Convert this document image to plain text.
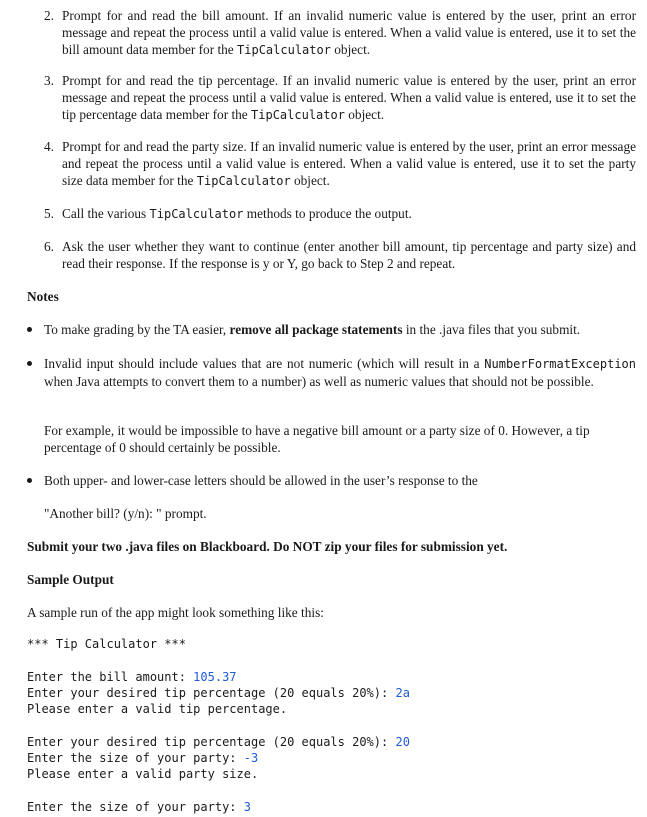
2. Prompt for and read the bill amount. If an invalid numeric value is entered by the user, print an error message and repeat the process until a valid value is entered. When a valid value is entered, use it to set the bill amount data member for the TipCalculator object.
3. Prompt for and read the tip percentage. If an invalid numeric value is entered by the user, print an error message and repeat the process until a valid value is entered. When a valid value is entered, use it to set the tip percentage data member for the TipCalculator object.
4. Prompt for and read the party size. If an invalid numeric value is entered by the user, print an error message and repeat the process until a valid value is entered. When a valid value is entered, use it to set the party size data member for the TipCalculator object.
5. Call the various TipCalculator methods to produce the output.
6. Ask the user whether they want to continue (enter another bill amount, tip percentage and party size) and read their response. If the response is y or Y, go back to Step 2 and repeat.
Notes
To make grading by the TA easier, remove all package statements in the .java files that you submit.
Invalid input should include values that are not numeric (which will result in a NumberFormatException when Java attempts to convert them to a number) as well as numeric values that should not be possible.
For example, it would be impossible to have a negative bill amount or a party size of 0. However, a tip percentage of 0 should certainly be possible.
Both upper- and lower-case letters should be allowed in the user’s response to the
"Another bill? (y/n): " prompt.
Submit your two .java files on Blackboard. Do NOT zip your files for submission yet.
Sample Output
A sample run of the app might look something like this:
*** Tip Calculator ***
Enter the bill amount: 105.37
Enter your desired tip percentage (20 equals 20%): 2a
Please enter a valid tip percentage.
Enter your desired tip percentage (20 equals 20%): 20
Enter the size of your party: -3
Please enter a valid party size.
Enter the size of your party: 3
